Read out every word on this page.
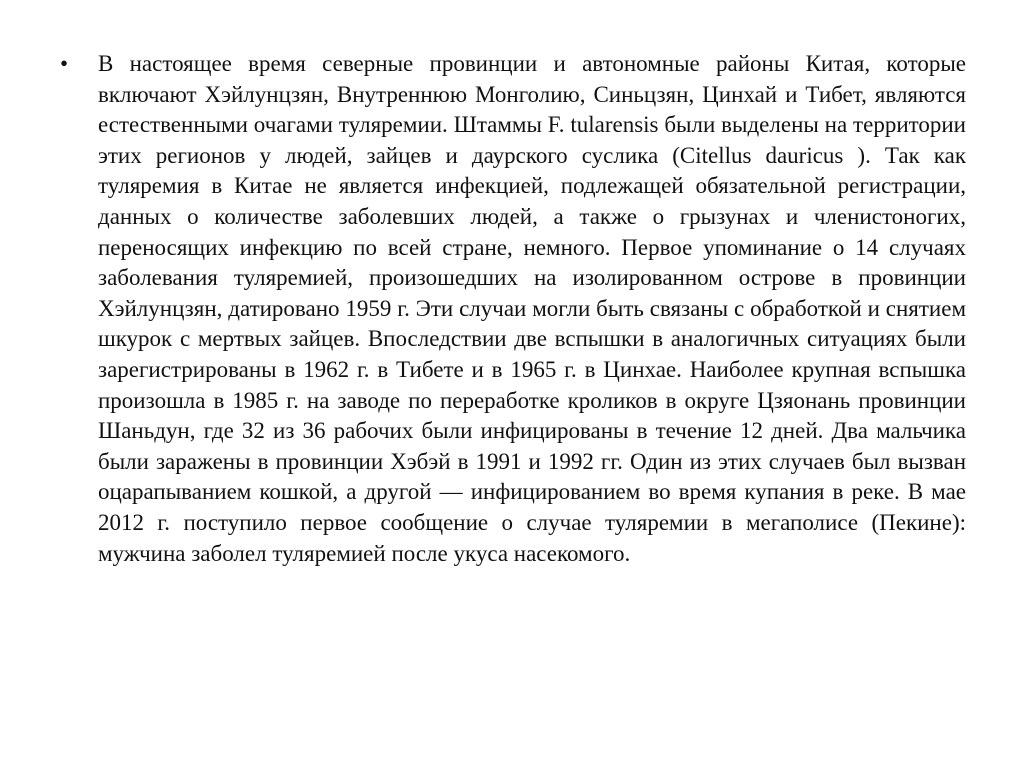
•	В настоящее время северные провинции и автономные районы Китая, которые включают Хэйлунцзян, Внутреннюю Монголию, Синьцзян, Цинхай и Тибет, являются естественными очагами туляремии. Штаммы F. tularensis были выделены на территории этих регионов у людей, зайцев и даурского суслика (Citellus dauricus ). Так как туляремия в Китае не является инфекцией, подлежащей обязательной регистрации, данных о количестве заболевших людей, а также о грызунах и членистоногих, переносящих инфекцию по всей стране, немного. Первое упоминание о 14 случаях заболевания туляремией, произошедших на изолированном острове в провинции Хэйлунцзян, датировано 1959 г. Эти случаи могли быть связаны с обработкой и снятием шкурок с мертвых зайцев. Впоследствии две вспышки в аналогичных ситуациях были зарегистрированы в 1962 г. в Тибете и в 1965 г. в Цинхае. Наиболее крупная вспышка произошла в 1985 г. на заводе по переработке кроликов в округе Цзяонань провинции Шаньдун, где 32 из 36 рабочих были инфицированы в течение 12 дней. Два мальчика были заражены в провинции Хэбэй в 1991 и 1992 гг. Один из этих случаев был вызван оцарапыванием кошкой, а другой — инфицированием во время купания в реке. В мае 2012 г. поступило первое сообщение о случае туляремии в мегаполисе (Пекине): мужчина заболел туляремией после укуса насекомого.
